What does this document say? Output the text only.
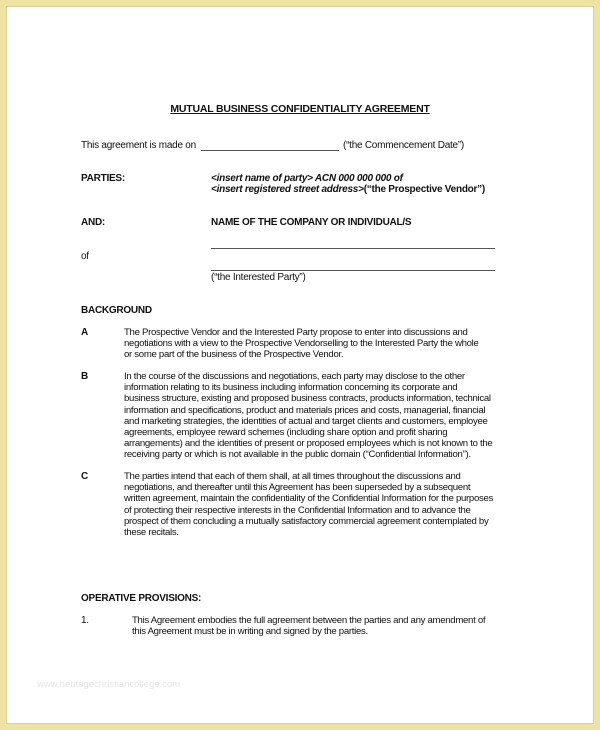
MUTUAL BUSINESS CONFIDENTIALITY AGREEMENT
This agreement is made on	(“the Commencement Date”)
PARTIES:	<insert name of party> ACN 000 000 000 of
<insert registered street address>(“the Prospective Vendor”)
AND:	NAME OF THE COMPANY OR INDIVIDUAL/S
of
(“the Interested Party”)
BACKGROUND
A	The Prospective Vendor and the Interested Party propose to enter into discussions and
negotiations with a view to the Prospective Vendorselling to the Interested Party the whole
or some part of the business of the Prospective Vendor.
B	In the course of the discussions and negotiations, each party may disclose to the other
information relating to its business including information concerning its corporate and
business structure, existing and proposed business contracts, products information, technical
information and specifications, product and materials prices and costs, managerial, financial
and marketing strategies, the identities of actual and target clients and customers, employee
agreements, employee reward schemes (including share option and profit sharing
arrangements) and the identities of present or proposed employees which is not known to the
receiving party or which is not available in the public domain (“Confidential Information”).
C	The parties intend that each of them shall, at all times throughout the discussions and
negotiations, and thereafter until this Agreement has been superseded by a subsequent
written agreement, maintain the confidentiality of the Confidential Information for the purposes
of protecting their respective interests in the Confidential Information and to advance the
prospect of them concluding a mutually satisfactory commercial agreement contemplated by
these recitals.
OPERATIVE PROVISIONS:
1.	This Agreement embodies the full agreement between the parties and any amendment of
this Agreement must be in writing and signed by the parties.
www.heritagechristiancollege.com
